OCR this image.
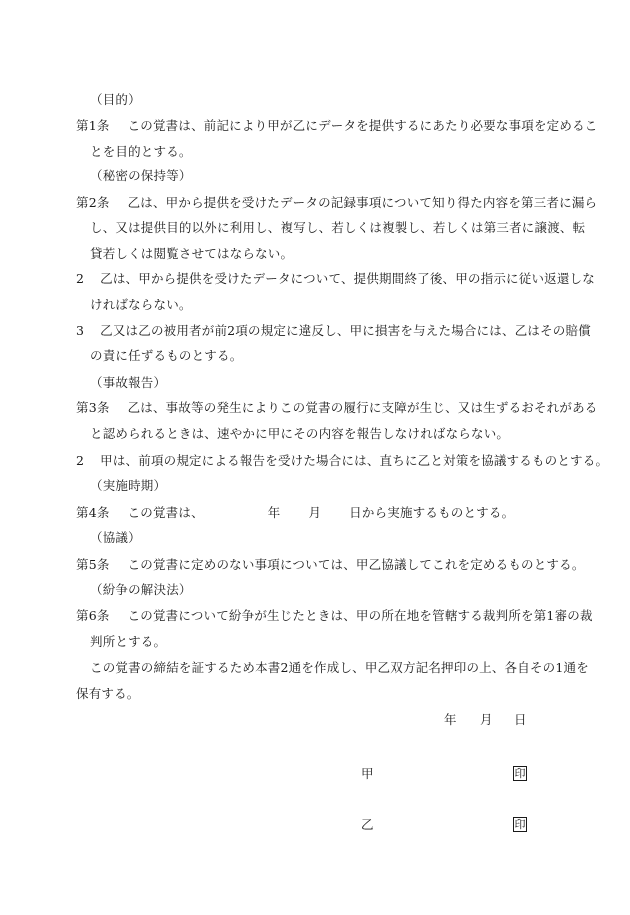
（目的）
第1条 この覚書は、前記により甲が乙にデータを提供するにあたり必要な事項を定めるこ
とを目的とする。
（秘密の保持等）
第2条 乙は、甲から提供を受けたデータの記録事項について知り得た内容を第三者に漏ら
し、又は提供目的以外に利用し、複写し、若しくは複製し、若しくは第三者に譲渡、転
貸若しくは閲覧させてはならない。
2 乙は、甲から提供を受けたデータについて、提供期間終了後、甲の指示に従い返還しな
ければならない。
3 乙又は乙の被用者が前2項の規定に違反し、甲に損害を与えた場合には、乙はその賠償
の責に任ずるものとする。
（事故報告）
第3条 乙は、事故等の発生によりこの覚書の履行に支障が生じ、又は生ずるおそれがある
と認められるときは、速やかに甲にその内容を報告しなければならない。
2 甲は、前項の規定による報告を受けた場合には、直ちに乙と対策を協議するものとする。
（実施時期）
第4条 この覚書は、	年 月 日から実施するものとする。
（協議）
第5条 この覚書に定めのない事項については、甲乙協議してこれを定めるものとする。
（紛争の解決法）
第6条 この覚書について紛争が生じたときは、甲の所在地を管轄する裁判所を第1審の裁
判所とする。
この覚書の締結を証するため本書2通を作成し、甲乙双方記名押印の上、各自その1通を
保有する。
年 月 日
甲	印
乙	印
